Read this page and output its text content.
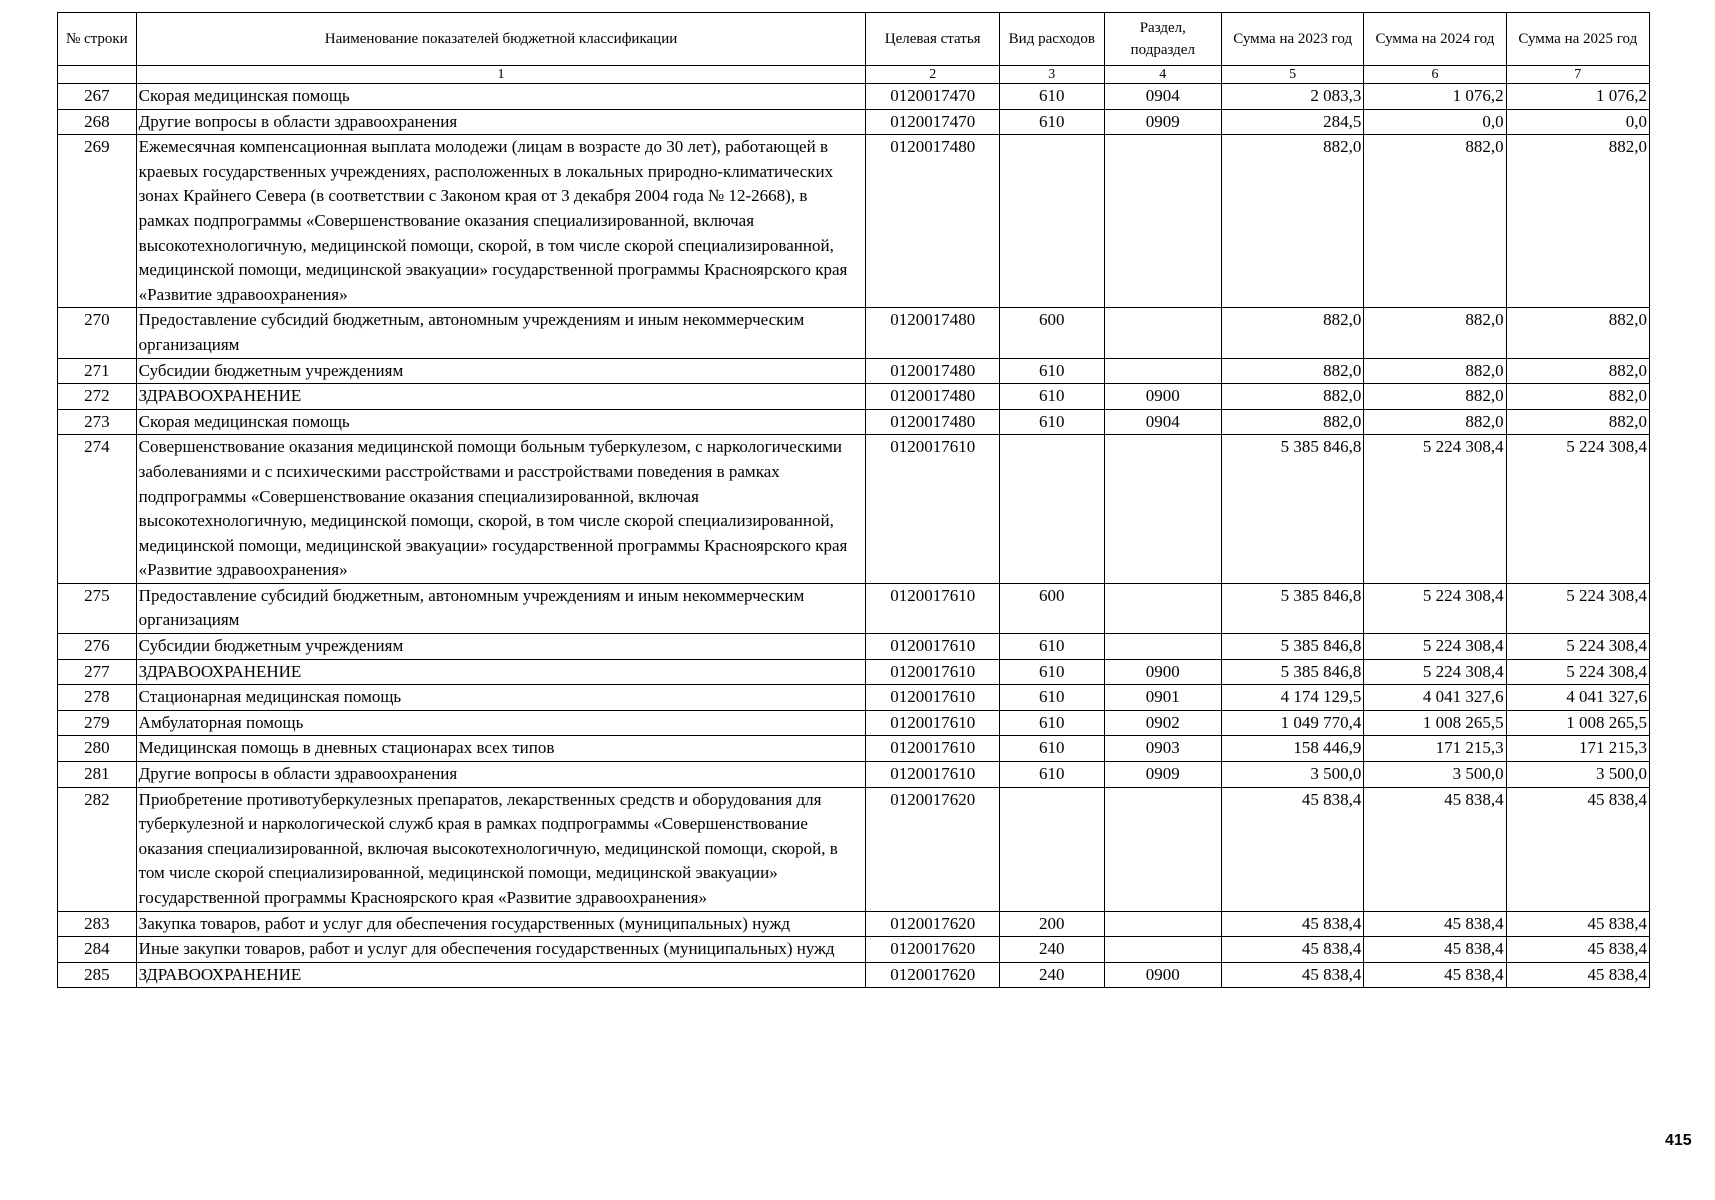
№ строки	Наименование показателей бюджетной классификации	Целевая статья	Вид расходов	Раздел, подраздел	Сумма на 2023 год	Сумма на 2024 год	Сумма на 2025 год
	1	2	3	4	5	6	7
267	Скорая медицинская помощь	0120017470	610	0904	2 083,3	1 076,2	1 076,2
268	Другие вопросы в области здравоохранения	0120017470	610	0909	284,5	0,0	0,0
269	Ежемесячная компенсационная выплата молодежи (лицам в возрасте до 30 лет), работающей в краевых государственных учреждениях, расположенных в локальных природно-климатических зонах Крайнего Севера (в соответствии с Законом края от 3 декабря 2004 года № 12-2668), в рамках подпрограммы «Совершенствование оказания специализированной, включая высокотехнологичную, медицинской помощи, скорой, в том числе скорой специализированной, медицинской помощи, медицинской эвакуации» государственной программы Красноярского края «Развитие здравоохранения»	0120017480			882,0	882,0	882,0
270	Предоставление субсидий бюджетным, автономным учреждениям и иным некоммерческим организациям	0120017480	600		882,0	882,0	882,0
271	Субсидии бюджетным учреждениям	0120017480	610		882,0	882,0	882,0
272	ЗДРАВООХРАНЕНИЕ	0120017480	610	0900	882,0	882,0	882,0
273	Скорая медицинская помощь	0120017480	610	0904	882,0	882,0	882,0
274	Совершенствование оказания медицинской помощи больным туберкулезом, с наркологическими заболеваниями и с психическими расстройствами и расстройствами поведения в рамках подпрограммы «Совершенствование оказания специализированной, включая высокотехнологичную, медицинской помощи, скорой, в том числе скорой специализированной, медицинской помощи, медицинской эвакуации» государственной программы Красноярского края «Развитие здравоохранения»	0120017610			5 385 846,8	5 224 308,4	5 224 308,4
275	Предоставление субсидий бюджетным, автономным учреждениям и иным некоммерческим организациям	0120017610	600		5 385 846,8	5 224 308,4	5 224 308,4
276	Субсидии бюджетным учреждениям	0120017610	610		5 385 846,8	5 224 308,4	5 224 308,4
277	ЗДРАВООХРАНЕНИЕ	0120017610	610	0900	5 385 846,8	5 224 308,4	5 224 308,4
278	Стационарная медицинская помощь	0120017610	610	0901	4 174 129,5	4 041 327,6	4 041 327,6
279	Амбулаторная помощь	0120017610	610	0902	1 049 770,4	1 008 265,5	1 008 265,5
280	Медицинская помощь в дневных стационарах всех типов	0120017610	610	0903	158 446,9	171 215,3	171 215,3
281	Другие вопросы в области здравоохранения	0120017610	610	0909	3 500,0	3 500,0	3 500,0
282	Приобретение противотуберкулезных препаратов, лекарственных средств и оборудования для туберкулезной и наркологической служб края в рамках подпрограммы «Совершенствование оказания специализированной, включая высокотехнологичную, медицинской помощи, скорой, в том числе скорой специализированной, медицинской помощи, медицинской эвакуации» государственной программы Красноярского края «Развитие здравоохранения»	0120017620			45 838,4	45 838,4	45 838,4
283	Закупка товаров, работ и услуг для обеспечения государственных (муниципальных) нужд	0120017620	200		45 838,4	45 838,4	45 838,4
284	Иные закупки товаров, работ и услуг для обеспечения государственных (муниципальных) нужд	0120017620	240		45 838,4	45 838,4	45 838,4
285	ЗДРАВООХРАНЕНИЕ	0120017620	240	0900	45 838,4	45 838,4	45 838,4
415
